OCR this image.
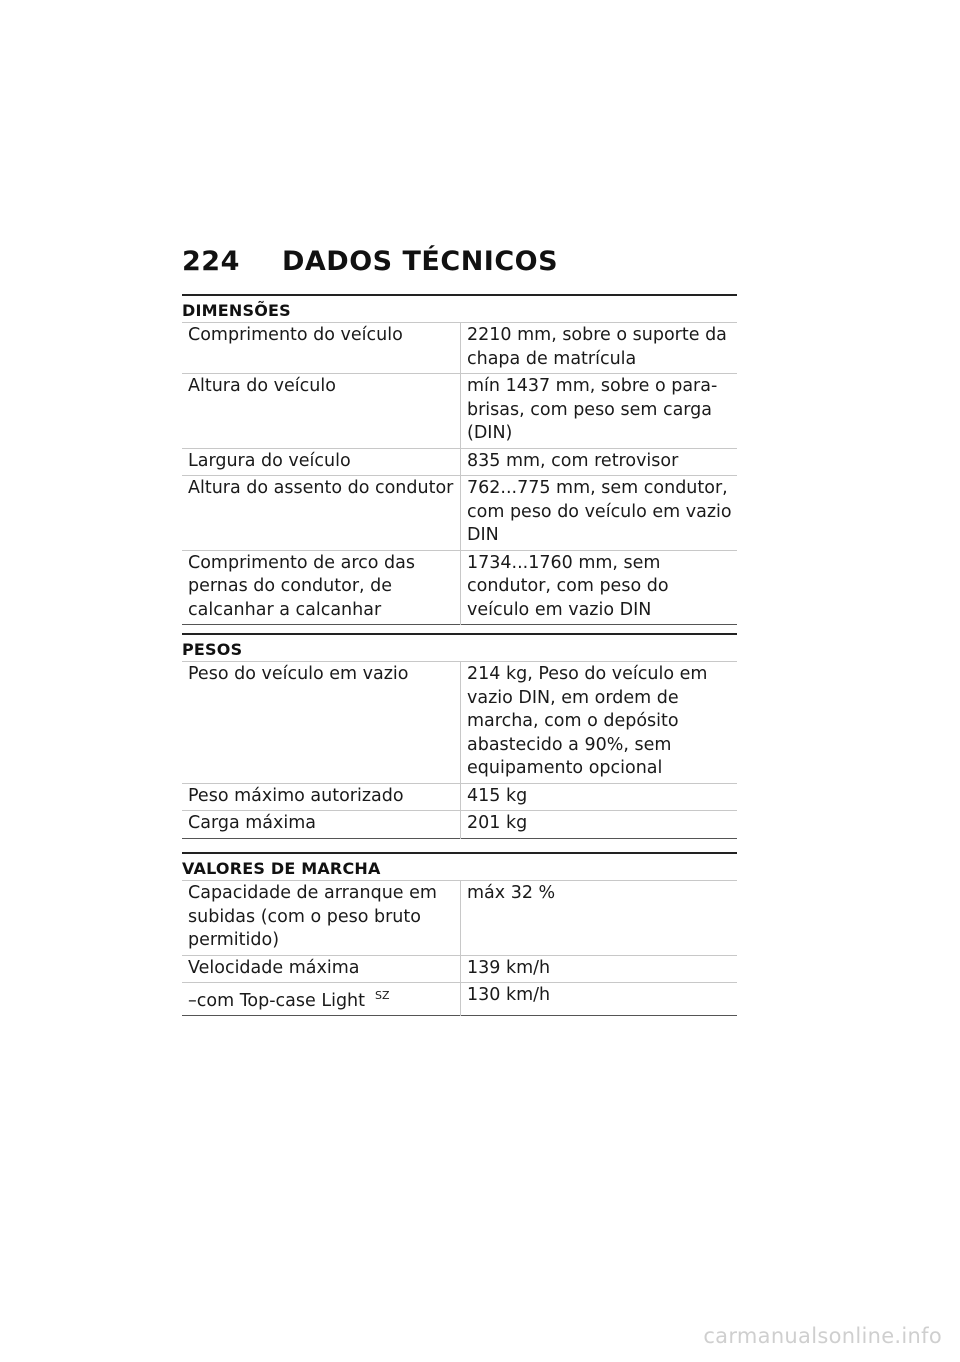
224	DADOS TÉCNICOS
DIMENSÕES
Comprimento do veículo	2210 mm, sobre o suporte da chapa de matrícula
Altura do veículo	mín 1437 mm, sobre o para-brisas, com peso sem carga (DIN)
Largura do veículo	835 mm, com retrovisor
Altura do assento do condutor	762...775 mm, sem condutor, com peso do veículo em vazio DIN
Comprimento de arco das pernas do condutor, de calcanhar a calcanhar	1734...1760 mm, sem condutor, com peso do veículo em vazio DIN
PESOS
Peso do veículo em vazio	214 kg, Peso do veículo em vazio DIN, em ordem de marcha, com o depósito abastecido a 90%, sem equipamento opcional
Peso máximo autorizado	415 kg
Carga máxima	201 kg
VALORES DE MARCHA
Capacidade de arranque em subidas (com o peso bruto permitido)	máx 32 %
Velocidade máxima	139 km/h
–com Top-case Light $^{SZ}$	130 km/h
carmanualsonline.info
